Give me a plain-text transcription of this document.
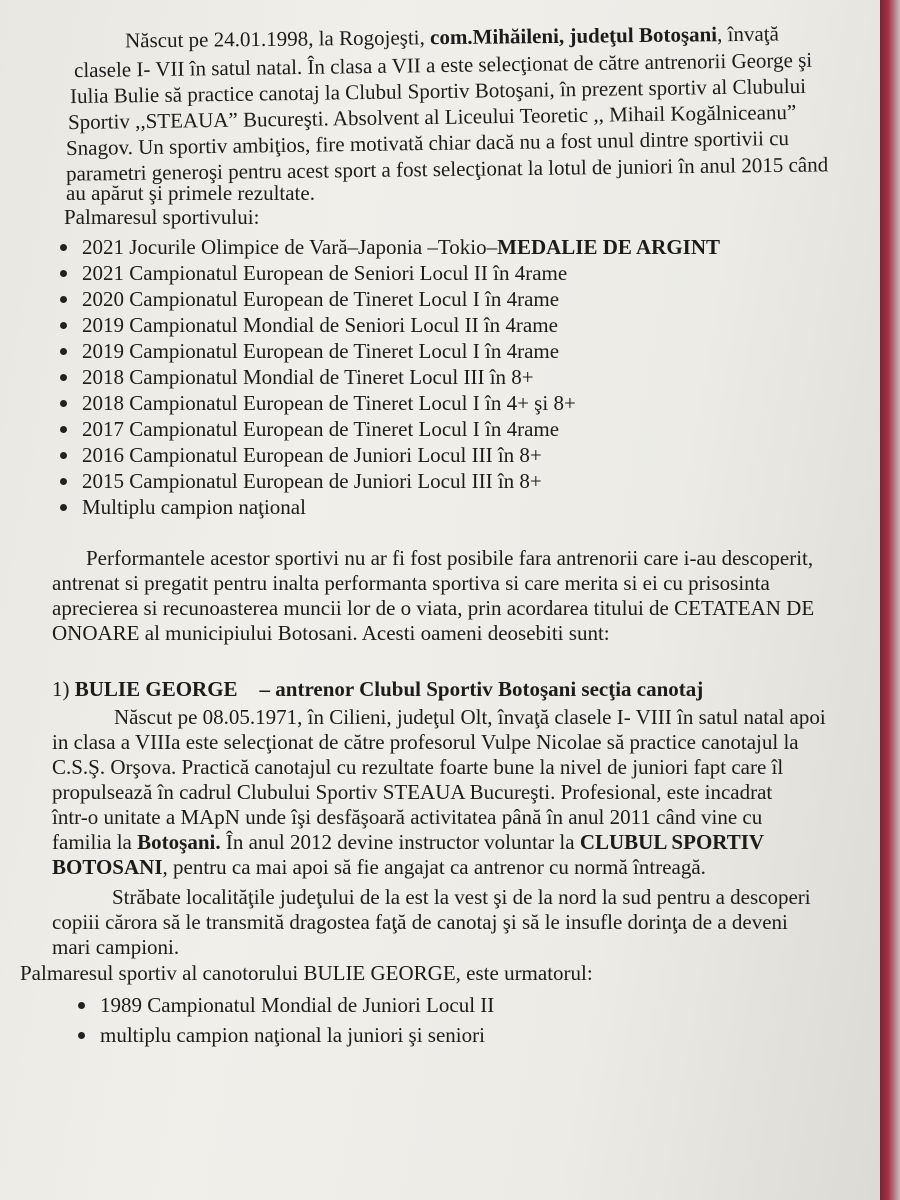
Născut pe 24.01.1998, la Rogojeşti, com.Mihăileni, judeţul Botoşani, învaţă
clasele I- VII în satul natal. În clasa a VII a este selecţionat de către antrenorii George şi
Iulia Bulie să practice canotaj la Clubul Sportiv Botoşani, în prezent sportiv al Clubului
Sportiv ,,STEAUA” Bucureşti. Absolvent al Liceului Teoretic ,, Mihail Kogălniceanu”
Snagov. Un sportiv ambiţios, fire motivată chiar dacă nu a fost unul dintre sportivii cu
parametri generoşi pentru acest sport a fost selecţionat la lotul de juniori în anul 2015 când
au apărut şi primele rezultate.
Palmaresul sportivului:
2021 Jocurile Olimpice de Vară–Japonia –Tokio–MEDALIE DE ARGINT
2021 Campionatul European de Seniori Locul II în 4rame
2020 Campionatul European de Tineret Locul I în 4rame
2019 Campionatul Mondial de Seniori Locul II în 4rame
2019 Campionatul European de Tineret Locul I în 4rame
2018 Campionatul Mondial de Tineret Locul III în 8+
2018 Campionatul European de Tineret Locul I în 4+ şi 8+
2017 Campionatul European de Tineret Locul I în 4rame
2016 Campionatul European de Juniori Locul III în 8+
2015 Campionatul European de Juniori Locul III în 8+
Multiplu campion naţional
Performantele acestor sportivi nu ar fi fost posibile fara antrenorii care i-au descoperit,
antrenat si pregatit pentru inalta performanta sportiva si care merita si ei cu prisosinta
aprecierea si recunoasterea muncii lor de o viata, prin acordarea titului de CETATEAN DE
ONOARE al municipiului Botosani. Acesti oameni deosebiti sunt:
1) BULIE GEORGE – antrenor Clubul Sportiv Botoşani secţia canotaj
Născut pe 08.05.1971, în Cilieni, judeţul Olt, învaţă clasele I- VIII în satul natal apoi
in clasa a VIIIa este selecţionat de către profesorul Vulpe Nicolae să practice canotajul la
C.S.Ş. Orşova. Practică canotajul cu rezultate foarte bune la nivel de juniori fapt care îl
propulsează în cadrul Clubului Sportiv STEAUA Bucureşti. Profesional, este incadrat
într-o unitate a MApN unde îşi desfăşoară activitatea până în anul 2011 când vine cu
familia la Botoşani. În anul 2012 devine instructor voluntar la CLUBUL SPORTIV
BOTOSANI, pentru ca mai apoi să fie angajat ca antrenor cu normă întreagă.
Străbate localităţile judeţului de la est la vest şi de la nord la sud pentru a descoperi
copiii cărora să le transmită dragostea faţă de canotaj şi să le insufle dorinţa de a deveni
mari campioni.
Palmaresul sportiv al canotorului BULIE GEORGE, este urmatorul:
1989 Campionatul Mondial de Juniori Locul II
multiplu campion naţional la juniori şi seniori
